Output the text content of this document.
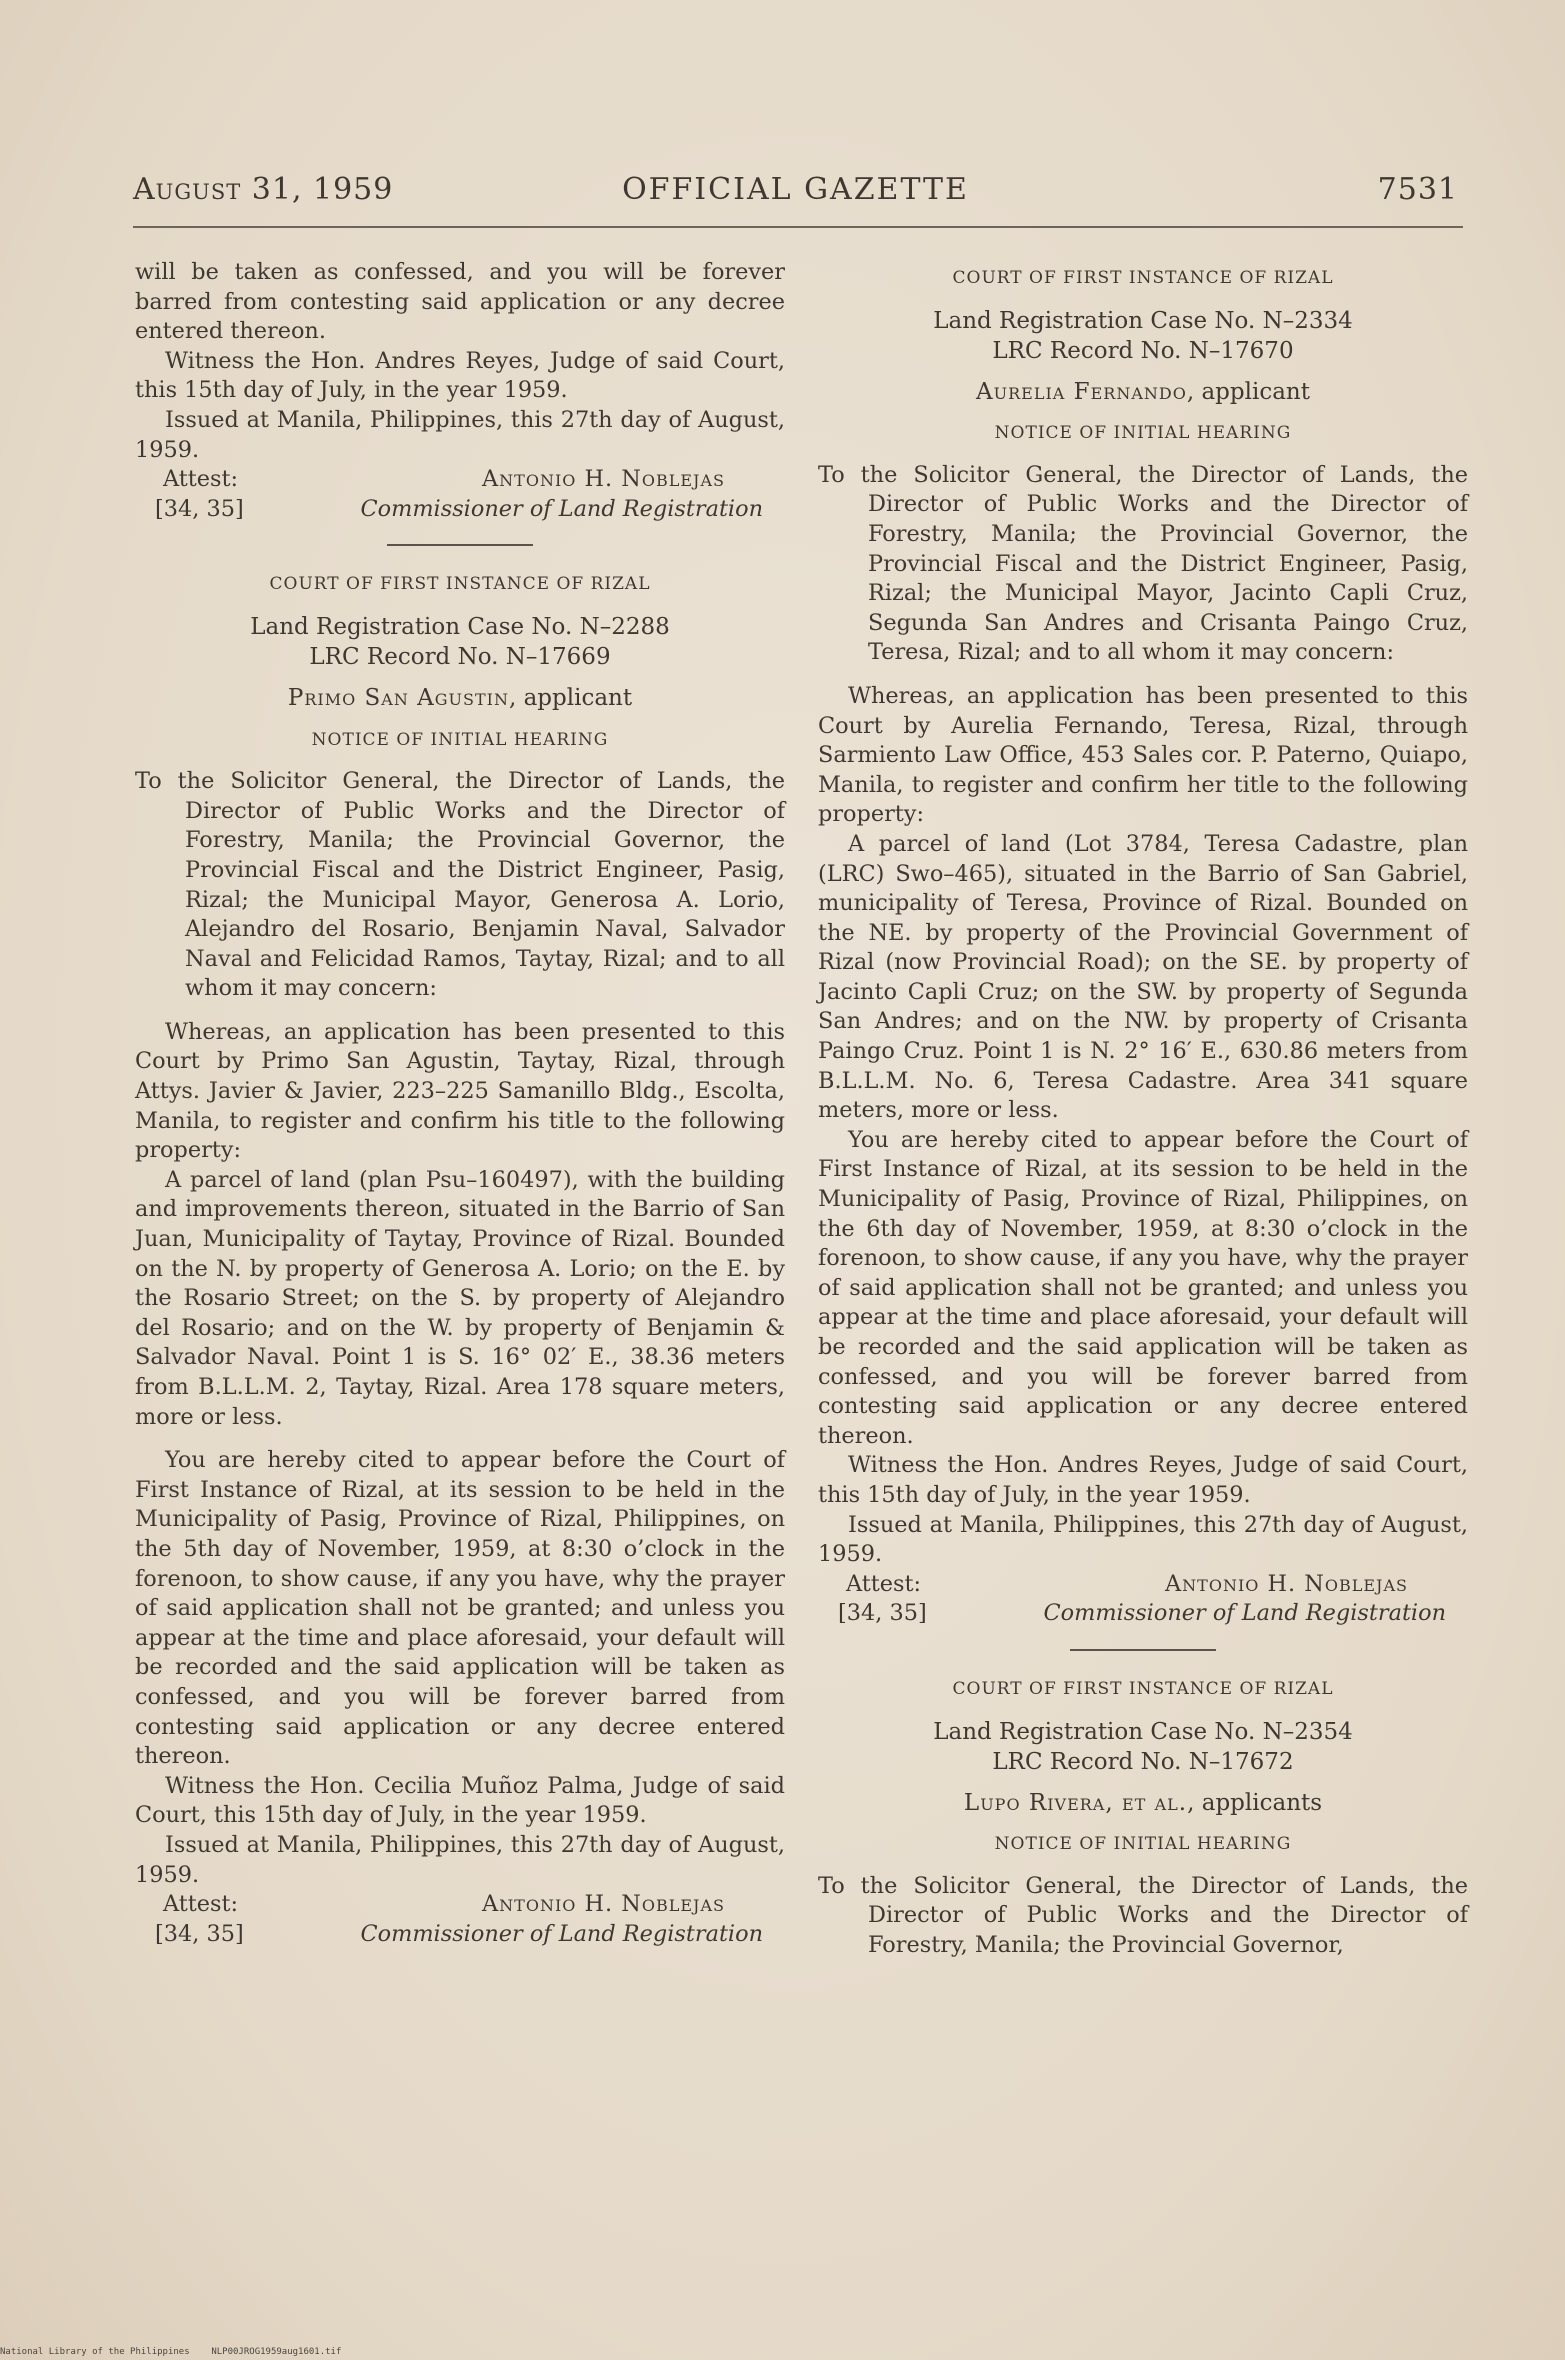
August 31, 1959	OFFICIAL GAZETTE	7531

will be taken as confessed, and you will be forever barred from contesting said application or any decree entered thereon.

Witness the Hon. Andres Reyes, Judge of said Court, this 15th day of July, in the year 1959.

Issued at Manila, Philippines, this 27th day of August, 1959.

Attest:	Antonio H. Noblejas
[34, 35]	Commissioner of Land Registration
COURT OF FIRST INSTANCE OF RIZAL
Land Registration Case No. N–2288
LRC Record No. N–17669
Primo San Agustin, applicant
NOTICE OF INITIAL HEARING

To the Solicitor General, the Director of Lands, the Director of Public Works and the Director of Forestry, Manila; the Provincial Governor, the Provincial Fiscal and the District Engineer, Pasig, Rizal; the Municipal Mayor, Generosa A. Lorio, Alejandro del Rosario, Benjamin Naval, Salvador Naval and Felicidad Ramos, Taytay, Rizal; and to all whom it may concern:

Whereas, an application has been presented to this Court by Primo San Agustin, Taytay, Rizal, through Attys. Javier & Javier, 223–225 Samanillo Bldg., Escolta, Manila, to register and confirm his title to the following property:

A parcel of land (plan Psu–160497), with the building and improvements thereon, situated in the Barrio of San Juan, Municipality of Taytay, Province of Rizal. Bounded on the N. by property of Generosa A. Lorio; on the E. by the Rosario Street; on the S. by property of Alejandro del Rosario; and on the W. by property of Benjamin & Salvador Naval. Point 1 is S. 16° 02′ E., 38.36 meters from B.L.L.M. 2, Taytay, Rizal. Area 178 square meters, more or less.

You are hereby cited to appear before the Court of First Instance of Rizal, at its session to be held in the Municipality of Pasig, Province of Rizal, Philippines, on the 5th day of November, 1959, at 8:30 o’clock in the forenoon, to show cause, if any you have, why the prayer of said application shall not be granted; and unless you appear at the time and place aforesaid, your default will be recorded and the said application will be taken as confessed, and you will be forever barred from contesting said application or any decree entered thereon.

Witness the Hon. Cecilia Muñoz Palma, Judge of said Court, this 15th day of July, in the year 1959.

Issued at Manila, Philippines, this 27th day of August, 1959.

Attest:	Antonio H. Noblejas
[34, 35]	Commissioner of Land Registration
COURT OF FIRST INSTANCE OF RIZAL
Land Registration Case No. N–2334
LRC Record No. N–17670
Aurelia Fernando, applicant
NOTICE OF INITIAL HEARING

To the Solicitor General, the Director of Lands, the Director of Public Works and the Director of Forestry, Manila; the Provincial Governor, the Provincial Fiscal and the District Engineer, Pasig, Rizal; the Municipal Mayor, Jacinto Capli Cruz, Segunda San Andres and Crisanta Paingo Cruz, Teresa, Rizal; and to all whom it may concern:

Whereas, an application has been presented to this Court by Aurelia Fernando, Teresa, Rizal, through Sarmiento Law Office, 453 Sales cor. P. Paterno, Quiapo, Manila, to register and confirm her title to the following property:

A parcel of land (Lot 3784, Teresa Cadastre, plan (LRC) Swo–465), situated in the Barrio of San Gabriel, municipality of Teresa, Province of Rizal. Bounded on the NE. by property of the Provincial Government of Rizal (now Provincial Road); on the SE. by property of Jacinto Capli Cruz; on the SW. by property of Segunda San Andres; and on the NW. by property of Crisanta Paingo Cruz. Point 1 is N. 2° 16′ E., 630.86 meters from B.L.L.M. No. 6, Teresa Cadastre. Area 341 square meters, more or less.

You are hereby cited to appear before the Court of First Instance of Rizal, at its session to be held in the Municipality of Pasig, Province of Rizal, Philippines, on the 6th day of November, 1959, at 8:30 o’clock in the forenoon, to show cause, if any you have, why the prayer of said application shall not be granted; and unless you appear at the time and place aforesaid, your default will be recorded and the said application will be taken as confessed, and you will be forever barred from contesting said application or any decree entered thereon.

Witness the Hon. Andres Reyes, Judge of said Court, this 15th day of July, in the year 1959.

Issued at Manila, Philippines, this 27th day of August, 1959.

Attest:	Antonio H. Noblejas
[34, 35]	Commissioner of Land Registration
COURT OF FIRST INSTANCE OF RIZAL
Land Registration Case No. N–2354
LRC Record No. N–17672
Lupo Rivera, et al., applicants
NOTICE OF INITIAL HEARING

To the Solicitor General, the Director of Lands, the Director of Public Works and the Director of Forestry, Manila; the Provincial Governor,

National Library of the Philippines NLP00JROG1959aug1601.tif
